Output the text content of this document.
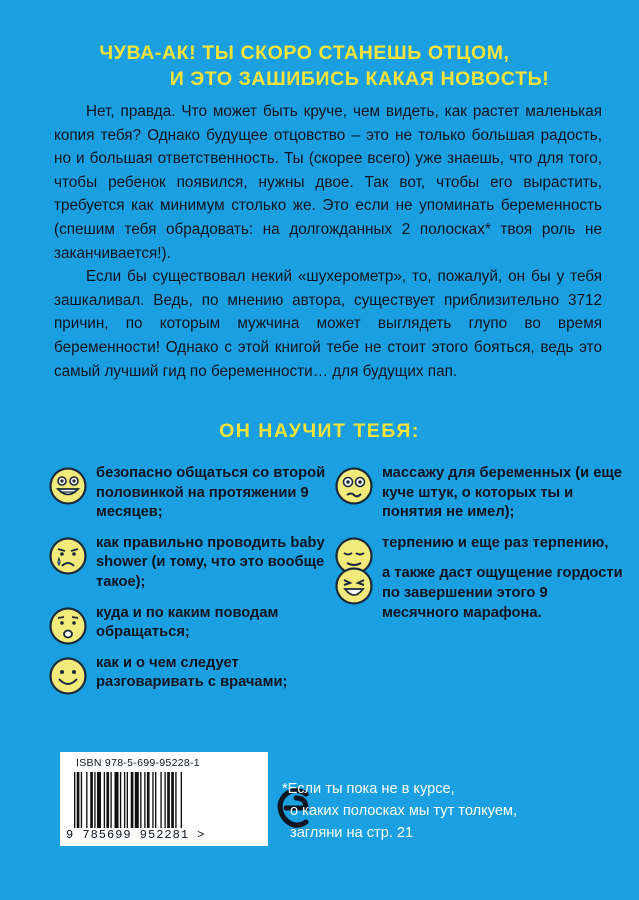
ЧУВА-АК! ТЫ СКОРО СТАНЕШЬ ОТЦОМ,
И ЭТО ЗАШИБИСЬ КАКАЯ НОВОСТЬ!

Нет, правда. Что может быть круче, чем видеть, как растет маленькая копия тебя? Однако будущее отцовство – это не только большая радость, но и большая ответственность. Ты (скорее всего) уже знаешь, что для того, чтобы ребенок появился, нужны двое. Так вот, чтобы его вырастить, требуется как минимум столько же. Это если не упоминать беременность (спешим тебя обрадовать: на долгожданных 2 полосках* твоя роль не заканчивается!).

Если бы существовал некий «шухерометр», то, пожалуй, он бы у тебя зашкаливал. Ведь, по мнению автора, существует приблизительно 3712 причин, по которым мужчина может выглядеть глупо во время беременности! Однако с этой книгой тебе не стоит этого бояться, ведь это самый лучший гид по беременности… для будущих пап.

ОН НАУЧИТ ТЕБЯ:
безопасно общаться со второй половинкой на протяжении 9 месяцев;
как правильно проводить baby shower (и тому, что это вообще такое);
куда и по каким поводам обращаться;
как и о чем следует разговаривать с врачами;
массажу для беременных (и еще куче штук, о которых ты и понятия не имел);
терпению и еще раз терпению,
а также даст ощущение гордости по завершении этого 9 месячного марафона.
ISBN 978-5-699-95228-1
9 785699 952281 >
*Если ты пока не в курсе,
о каких полосках мы тут толкуем,
загляни на стр. 21
